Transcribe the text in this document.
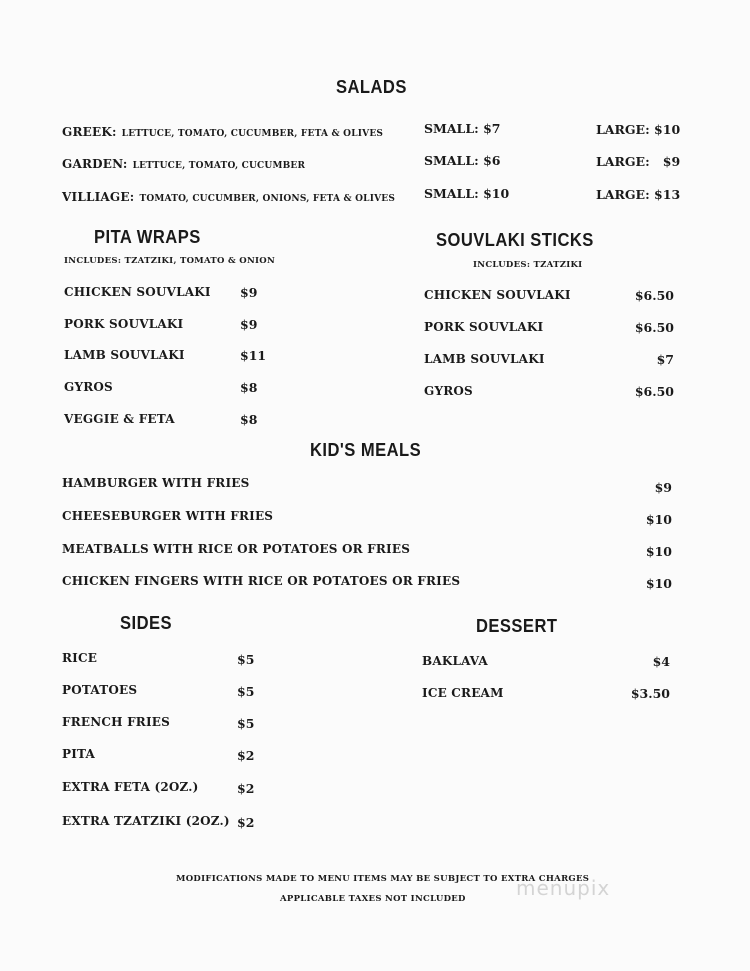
SALADS
GREEK: LETTUCE, TOMATO, CUCUMBER, FETA & OLIVES	SMALL: $7	LARGE: $10
GARDEN: LETTUCE, TOMATO, CUCUMBER	SMALL: $6	LARGE:   $9
VILLIAGE: TOMATO, CUCUMBER, ONIONS, FETA & OLIVES SMALL: $10	LARGE: $13
PITA WRAPS
INCLUDES: TZATZIKI, TOMATO & ONION
CHICKEN SOUVLAKI $9
PORK SOUVLAKI	$9
LAMB SOUVLAKI	$11
GYROS	$8
VEGGIE & FETA	$8
SOUVLAKI STICKS
INCLUDES: TZATZIKI
CHICKEN SOUVLAKI	$6.50
PORK SOUVLAKI	$6.50
LAMB SOUVLAKI	$7
GYROS	$6.50
KID'S MEALS
HAMBURGER WITH FRIES	$9
CHEESEBURGER WITH FRIES	$10
MEATBALLS WITH RICE OR POTATOES OR FRIES	$10
CHICKEN FINGERS WITH RICE OR POTATOES OR FRIES	$10
SIDES
RICE	$5
POTATOES	$5
FRENCH FRIES	$5
PITA	$2
EXTRA FETA (2OZ.)	$2
EXTRA TZATZIKI (2OZ.) $2
DESSERT
BAKLAVA	$4
ICE CREAM	$3.50
MODIFICATIONS MADE TO MENU ITEMS MAY BE SUBJECT TO EXTRA CHARGES
APPLICABLE TAXES NOT INCLUDED	menupix
